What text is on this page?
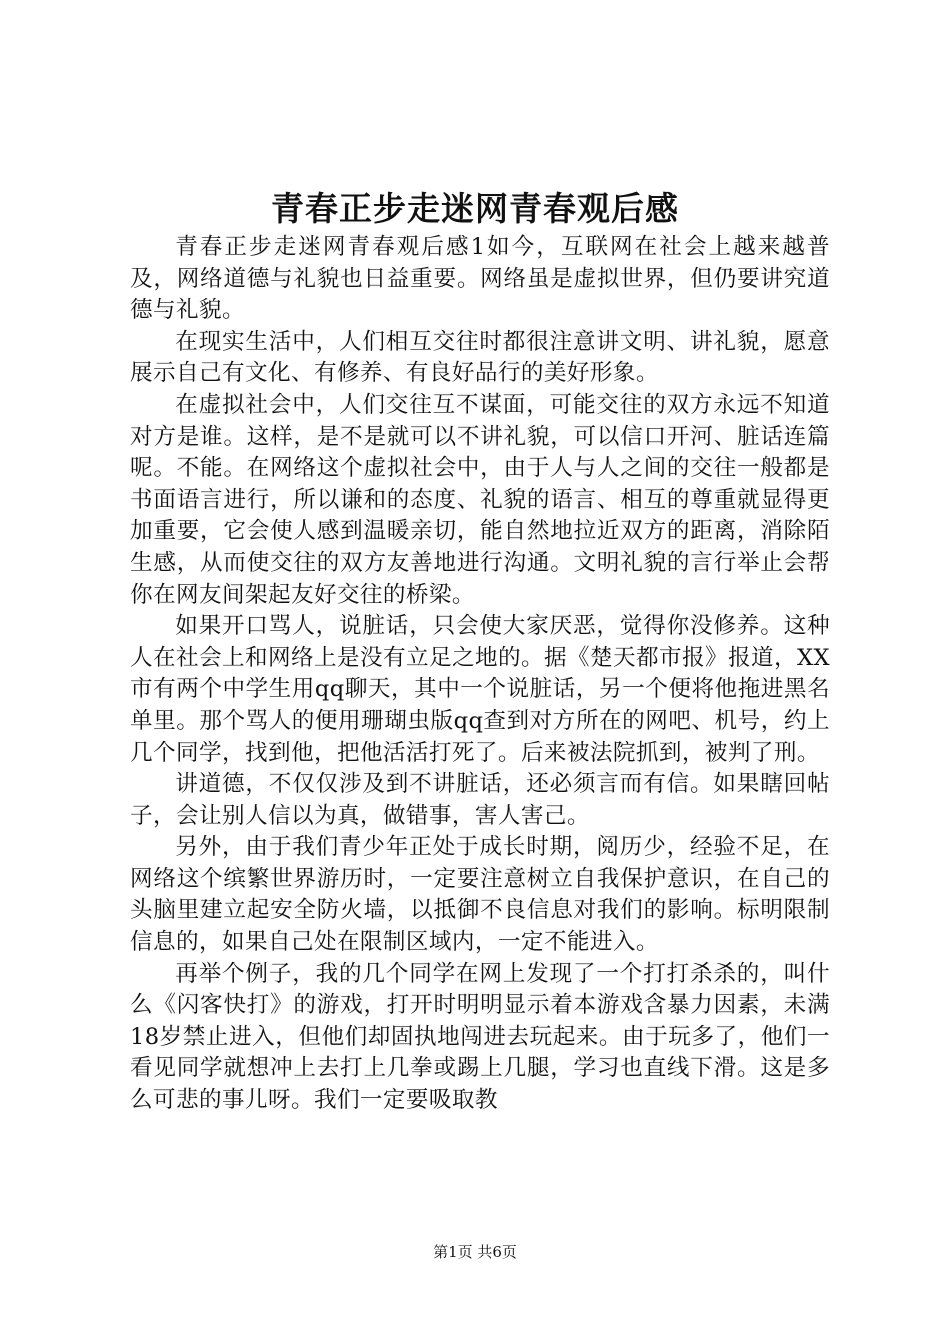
青春正步走迷网青春观后感

青春正步走迷网青春观后感1如今，互联网在社会上越来越普及，网络道德与礼貌也日益重要。网络虽是虚拟世界，但仍要讲究道德与礼貌。

在现实生活中，人们相互交往时都很注意讲文明、讲礼貌，愿意展示自己有文化、有修养、有良好品行的美好形象。

在虚拟社会中，人们交往互不谋面，可能交往的双方永远不知道对方是谁。这样，是不是就可以不讲礼貌，可以信口开河、脏话连篇呢。不能。在网络这个虚拟社会中，由于人与人之间的交往一般都是书面语言进行，所以谦和的态度、礼貌的语言、相互的尊重就显得更加重要，它会使人感到温暖亲切，能自然地拉近双方的距离，消除陌生感，从而使交往的双方友善地进行沟通。文明礼貌的言行举止会帮你在网友间架起友好交往的桥梁。

如果开口骂人，说脏话，只会使大家厌恶，觉得你没修养。这种人在社会上和网络上是没有立足之地的。据《楚天都市报》报道，XX市有两个中学生用qq聊天，其中一个说脏话，另一个便将他拖进黑名单里。那个骂人的便用珊瑚虫版qq查到对方所在的网吧、机号，约上几个同学，找到他，把他活活打死了。后来被法院抓到，被判了刑。

讲道德，不仅仅涉及到不讲脏话，还必须言而有信。如果瞎回帖子，会让别人信以为真，做错事，害人害己。

另外，由于我们青少年正处于成长时期，阅历少，经验不足，在网络这个缤繁世界游历时，一定要注意树立自我保护意识，在自己的头脑里建立起安全防火墙，以抵御不良信息对我们的影响。标明限制信息的，如果自己处在限制区域内，一定不能进入。

再举个例子，我的几个同学在网上发现了一个打打杀杀的，叫什么《闪客快打》的游戏，打开时明明显示着本游戏含暴力因素，未满18岁禁止进入，但他们却固执地闯进去玩起来。由于玩多了，他们一看见同学就想冲上去打上几拳或踢上几腿，学习也直线下滑。这是多么可悲的事儿呀。我们一定要吸取教

第1页 共6页
